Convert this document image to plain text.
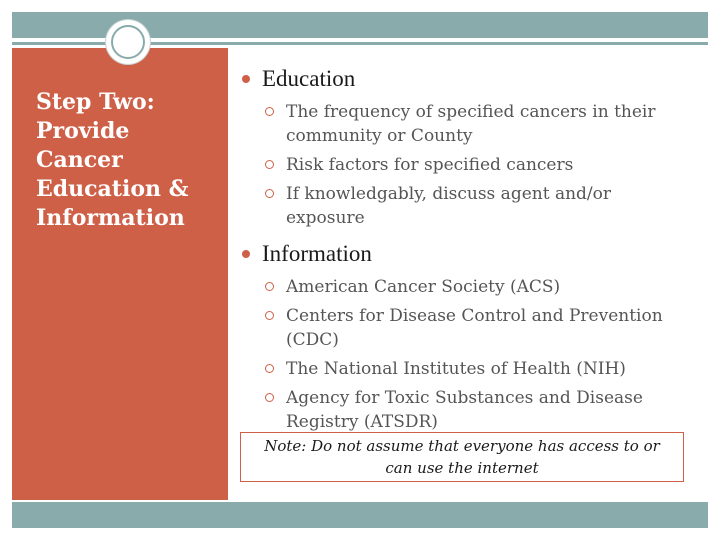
Step Two:
Provide
Cancer
Education &
Information
Education
The frequency of specified cancers in their
community or County
Risk factors for specified cancers
If knowledgably, discuss agent and/or
exposure
Information
American Cancer Society (ACS)
Centers for Disease Control and Prevention
(CDC)
The National Institutes of Health (NIH)
Agency for Toxic Substances and Disease
Registry (ATSDR)
Note: Do not assume that everyone has access to or
can use the internet
